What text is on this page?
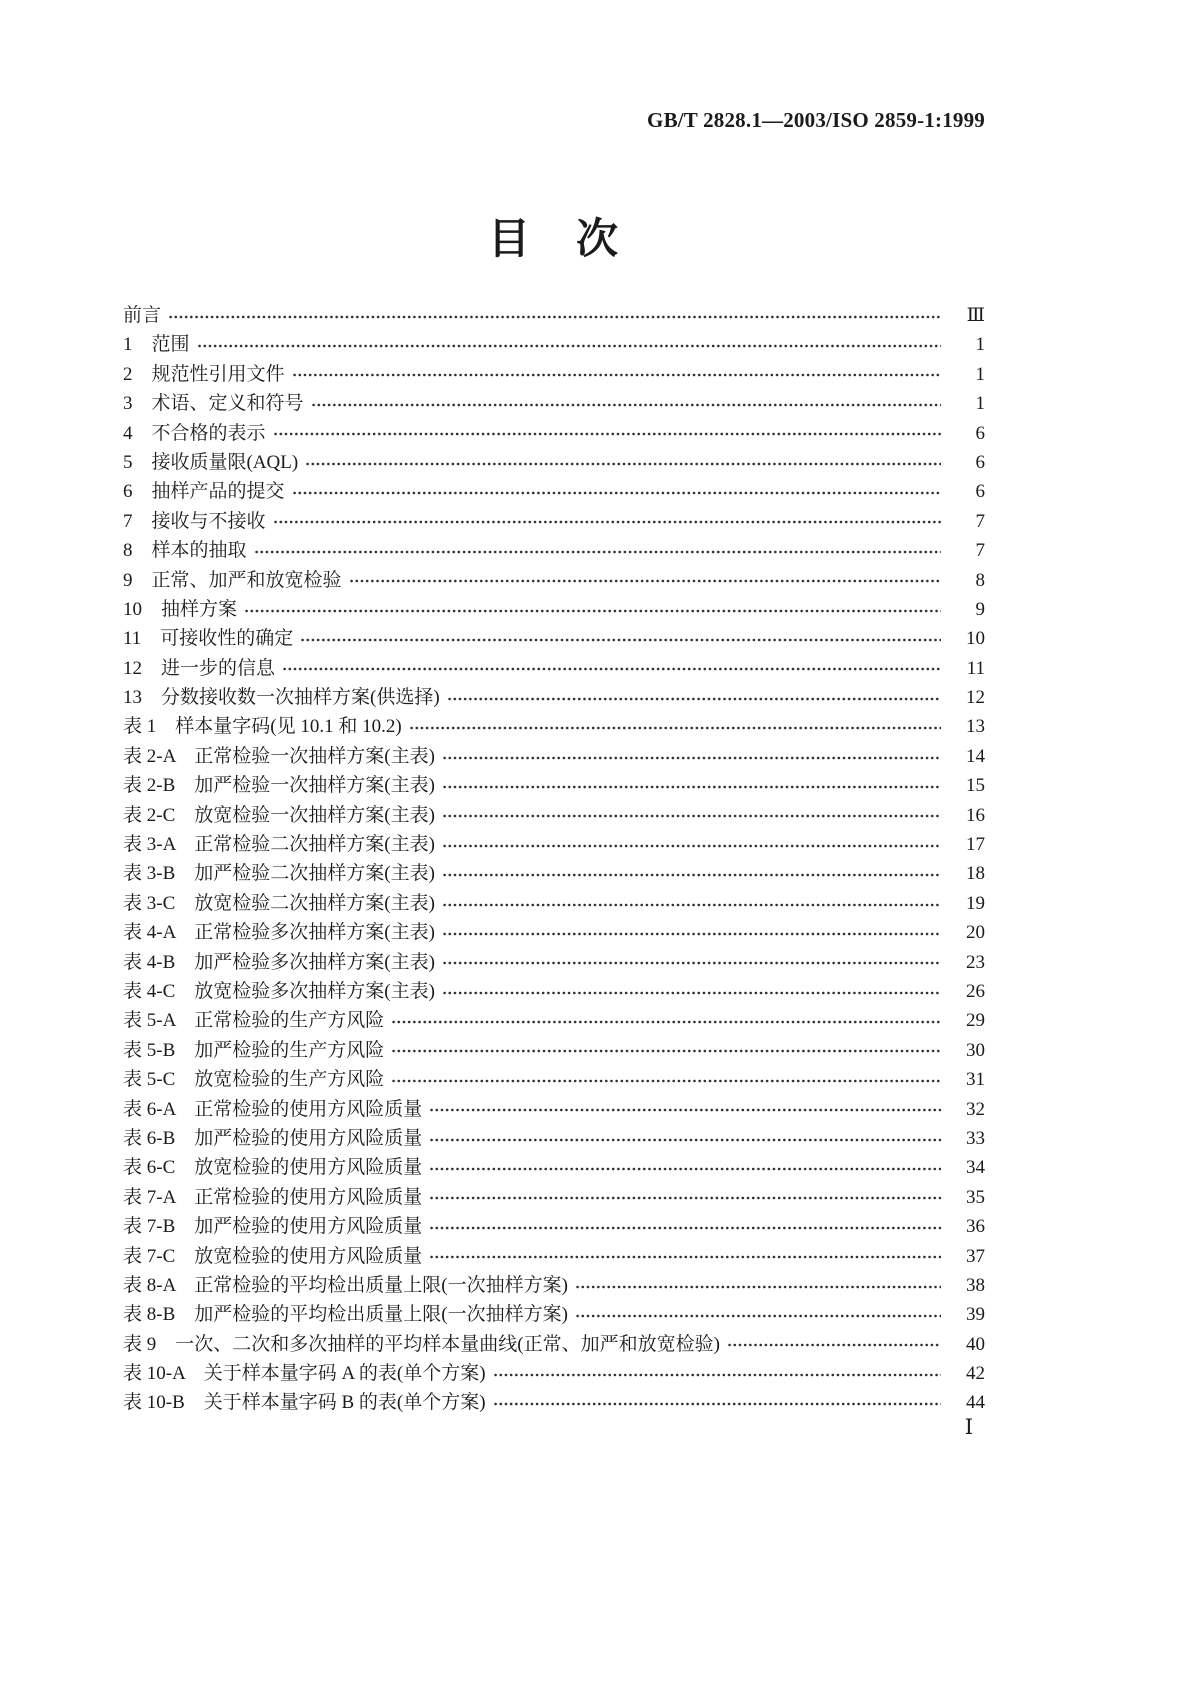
GB/T 2828.1—2003/ISO 2859-1:1999
目　次
前言	Ⅲ
1　范围	1
2　规范性引用文件	1
3　术语、定义和符号	1
4　不合格的表示	6
5　接收质量限(AQL)	6
6　抽样产品的提交	6
7　接收与不接收	7
8　样本的抽取	7
9　正常、加严和放宽检验	8
10　抽样方案	9
11　可接收性的确定	10
12　进一步的信息	11
13　分数接收数一次抽样方案(供选择)	12
表 1　样本量字码(见 10.1 和 10.2)	13
表 2-A　正常检验一次抽样方案(主表)	14
表 2-B　加严检验一次抽样方案(主表)	15
表 2-C　放宽检验一次抽样方案(主表)	16
表 3-A　正常检验二次抽样方案(主表)	17
表 3-B　加严检验二次抽样方案(主表)	18
表 3-C　放宽检验二次抽样方案(主表)	19
表 4-A　正常检验多次抽样方案(主表)	20
表 4-B　加严检验多次抽样方案(主表)	23
表 4-C　放宽检验多次抽样方案(主表)	26
表 5-A　正常检验的生产方风险	29
表 5-B　加严检验的生产方风险	30
表 5-C　放宽检验的生产方风险	31
表 6-A　正常检验的使用方风险质量	32
表 6-B　加严检验的使用方风险质量	33
表 6-C　放宽检验的使用方风险质量	34
表 7-A　正常检验的使用方风险质量	35
表 7-B　加严检验的使用方风险质量	36
表 7-C　放宽检验的使用方风险质量	37
表 8-A　正常检验的平均检出质量上限(一次抽样方案)	38
表 8-B　加严检验的平均检出质量上限(一次抽样方案)	39
表 9　一次、二次和多次抽样的平均样本量曲线(正常、加严和放宽检验)	40
表 10-A　关于样本量字码 A 的表(单个方案)	42
表 10-B　关于样本量字码 B 的表(单个方案)	44
Ⅰ
